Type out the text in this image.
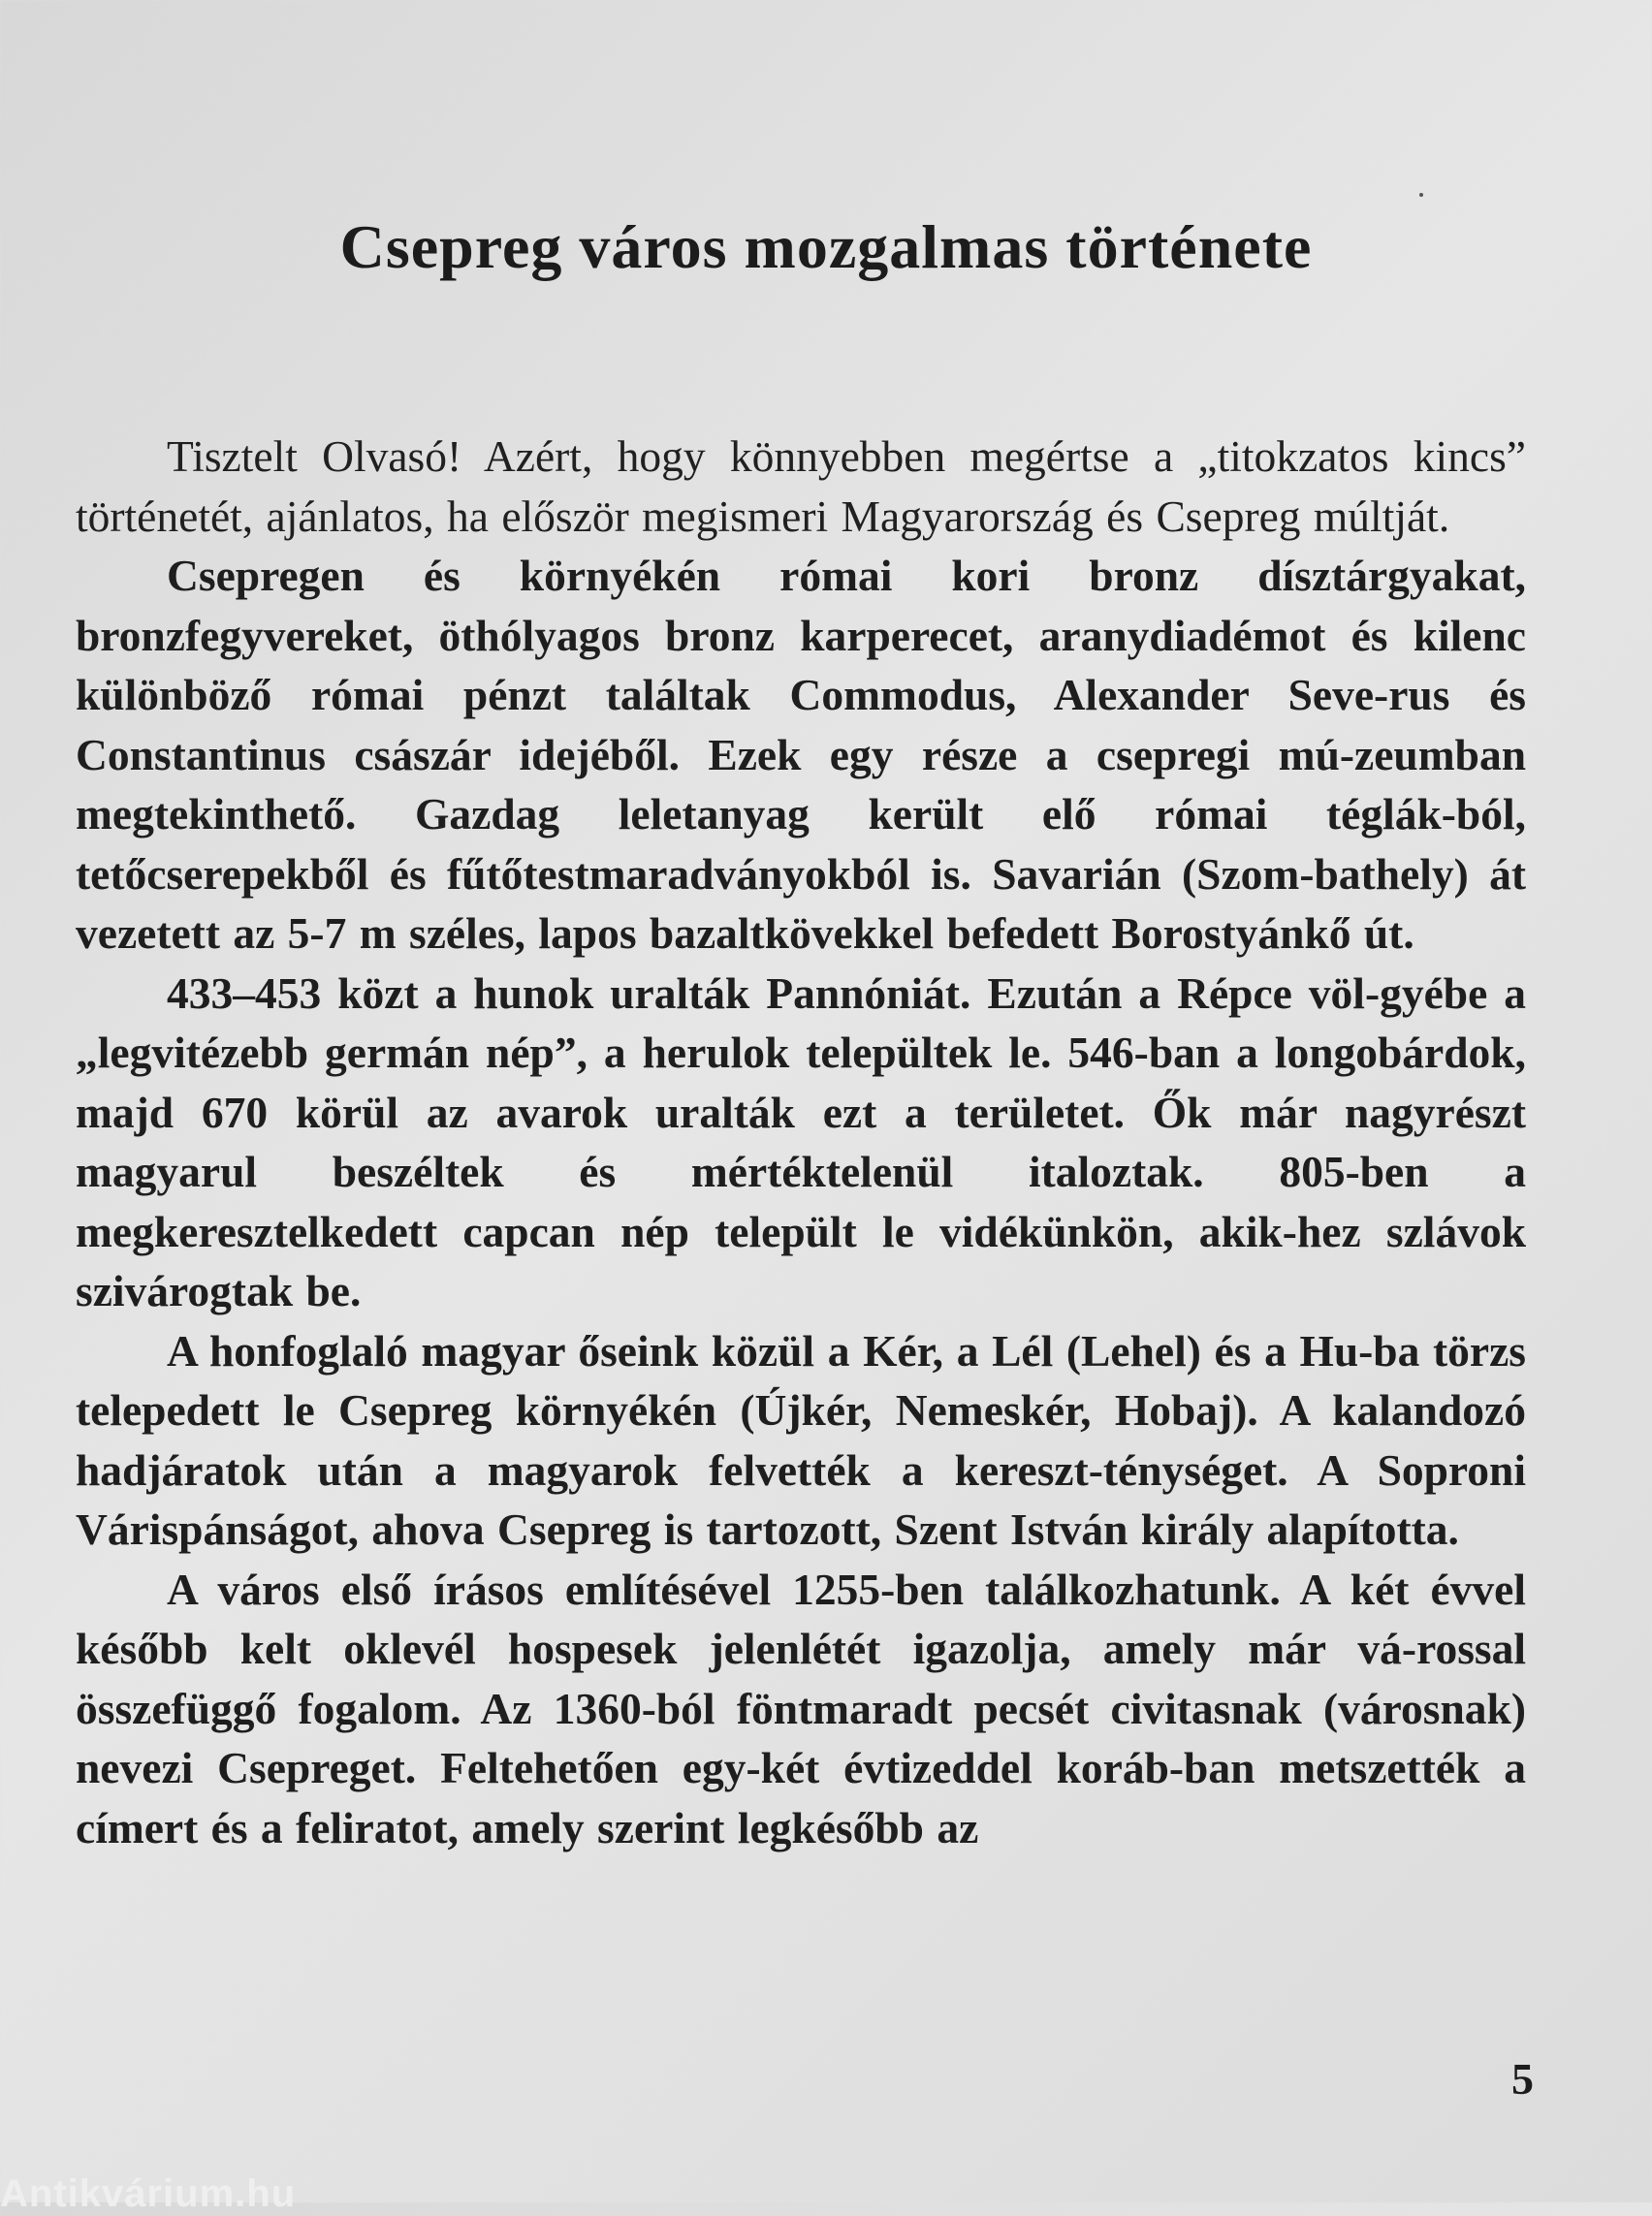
Csepreg város mozgalmas története

Tisztelt Olvasó! Azért, hogy könnyebben megértse a „titokzatos kincs” történetét, ajánlatos, ha először megismeri Magyarország és Csepreg múltját.

Csepregen és környékén római kori bronz dísztárgyakat, bronzfegyvereket, öthólyagos bronz karperecet, aranydiadémot és kilenc különböző római pénzt találtak Commodus, Alexander Seve-rus és Constantinus császár idejéből. Ezek egy része a csepregi mú-zeumban megtekinthető. Gazdag leletanyag került elő római téglák-ból, tetőcserepekből és fűtőtestmaradványokból is. Savarián (Szom-bathely) át vezetett az 5-7 m széles, lapos bazaltkövekkel befedett Borostyánkő út.

433–453 közt a hunok uralták Pannóniát. Ezután a Répce völ-gyébe a „legvitézebb germán nép”, a herulok települtek le. 546-ban a longobárdok, majd 670 körül az avarok uralták ezt a területet. Ők már nagyrészt magyarul beszéltek és mértéktelenül italoztak. 805-ben a megkeresztelkedett capcan nép települt le vidékünkön, akik-hez szlávok szivárogtak be.

A honfoglaló magyar őseink közül a Kér, a Lél (Lehel) és a Hu-ba törzs telepedett le Csepreg környékén (Újkér, Nemeskér, Hobaj). A kalandozó hadjáratok után a magyarok felvették a kereszt-ténységet. A Soproni Várispánságot, ahova Csepreg is tartozott, Szent István király alapította.

A város első írásos említésével 1255-ben találkozhatunk. A két évvel később kelt oklevél hospesek jelenlétét igazolja, amely már vá-rossal összefüggő fogalom. Az 1360-ból föntmaradt pecsét civitasnak (városnak) nevezi Csepreget. Feltehetően egy-két évtizeddel koráb-ban metszették a címert és a feliratot, amely szerint legkésőbb az

5
Antikvárium.hu
